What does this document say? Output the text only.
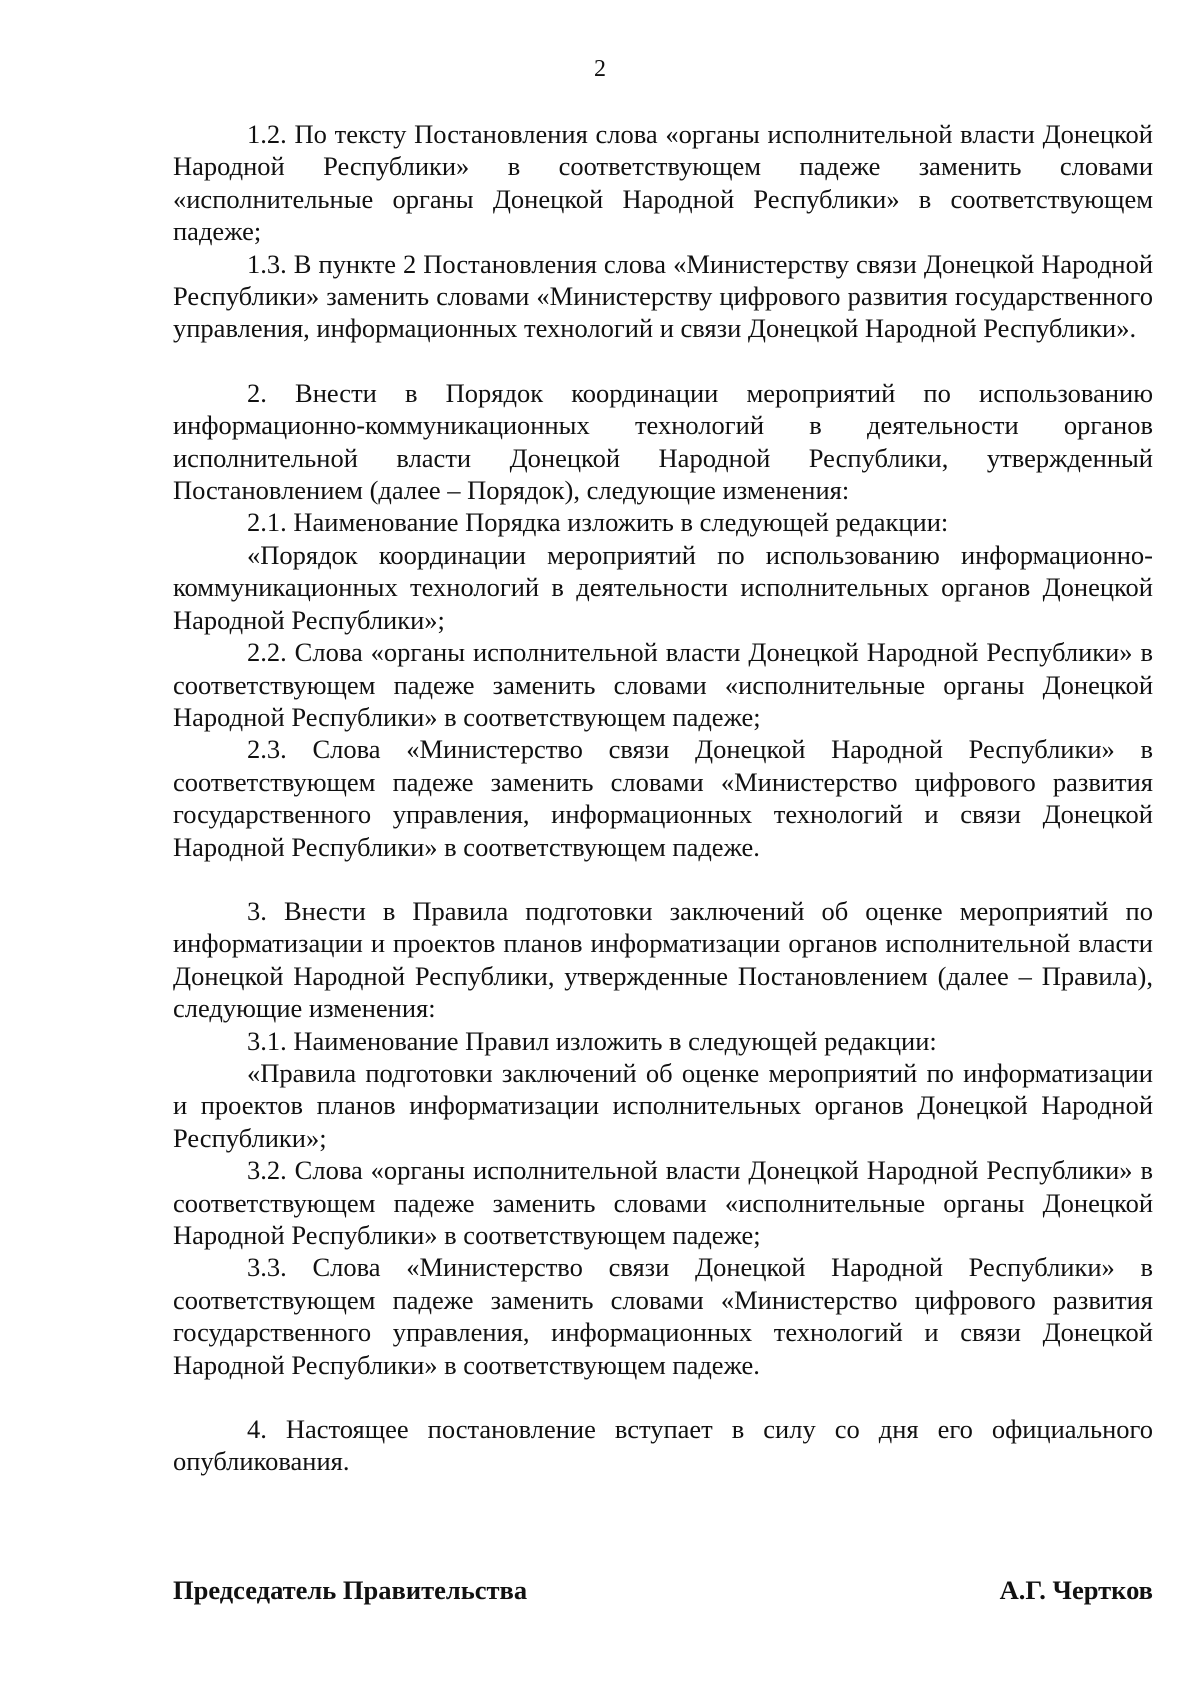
2

1.2. По тексту Постановления слова «органы исполнительной власти Донецкой Народной Республики» в соответствующем падеже заменить словами «исполнительные органы Донецкой Народной Республики» в соответствующем падеже;

1.3. В пункте 2 Постановления слова «Министерству связи Донецкой Народной Республики» заменить словами «Министерству цифрового развития государственного управления, информационных технологий и связи Донецкой Народной Республики».

2. Внести в Порядок координации мероприятий по использованию информационно-коммуникационных технологий в деятельности органов исполнительной власти Донецкой Народной Республики, утвержденный Постановлением (далее – Порядок), следующие изменения:

2.1. Наименование Порядка изложить в следующей редакции:

«Порядок координации мероприятий по использованию информационно-коммуникационных технологий в деятельности исполнительных органов Донецкой Народной Республики»;

2.2. Слова «органы исполнительной власти Донецкой Народной Республики» в соответствующем падеже заменить словами «исполнительные органы Донецкой Народной Республики» в соответствующем падеже;

2.3. Слова «Министерство связи Донецкой Народной Республики» в соответствующем падеже заменить словами «Министерство цифрового развития государственного управления, информационных технологий и связи Донецкой Народной Республики» в соответствующем падеже.

3. Внести в Правила подготовки заключений об оценке мероприятий по информатизации и проектов планов информатизации органов исполнительной власти Донецкой Народной Республики, утвержденные Постановлением (далее – Правила), следующие изменения:

3.1. Наименование Правил изложить в следующей редакции:

«Правила подготовки заключений об оценке мероприятий по информатизации и проектов планов информатизации исполнительных органов Донецкой Народной Республики»;

3.2. Слова «органы исполнительной власти Донецкой Народной Республики» в соответствующем падеже заменить словами «исполнительные органы Донецкой Народной Республики» в соответствующем падеже;

3.3. Слова «Министерство связи Донецкой Народной Республики» в соответствующем падеже заменить словами «Министерство цифрового развития государственного управления, информационных технологий и связи Донецкой Народной Республики» в соответствующем падеже.

4. Настоящее постановление вступает в силу со дня его официального опубликования.

Председатель Правительства	А.Г. Чертков
